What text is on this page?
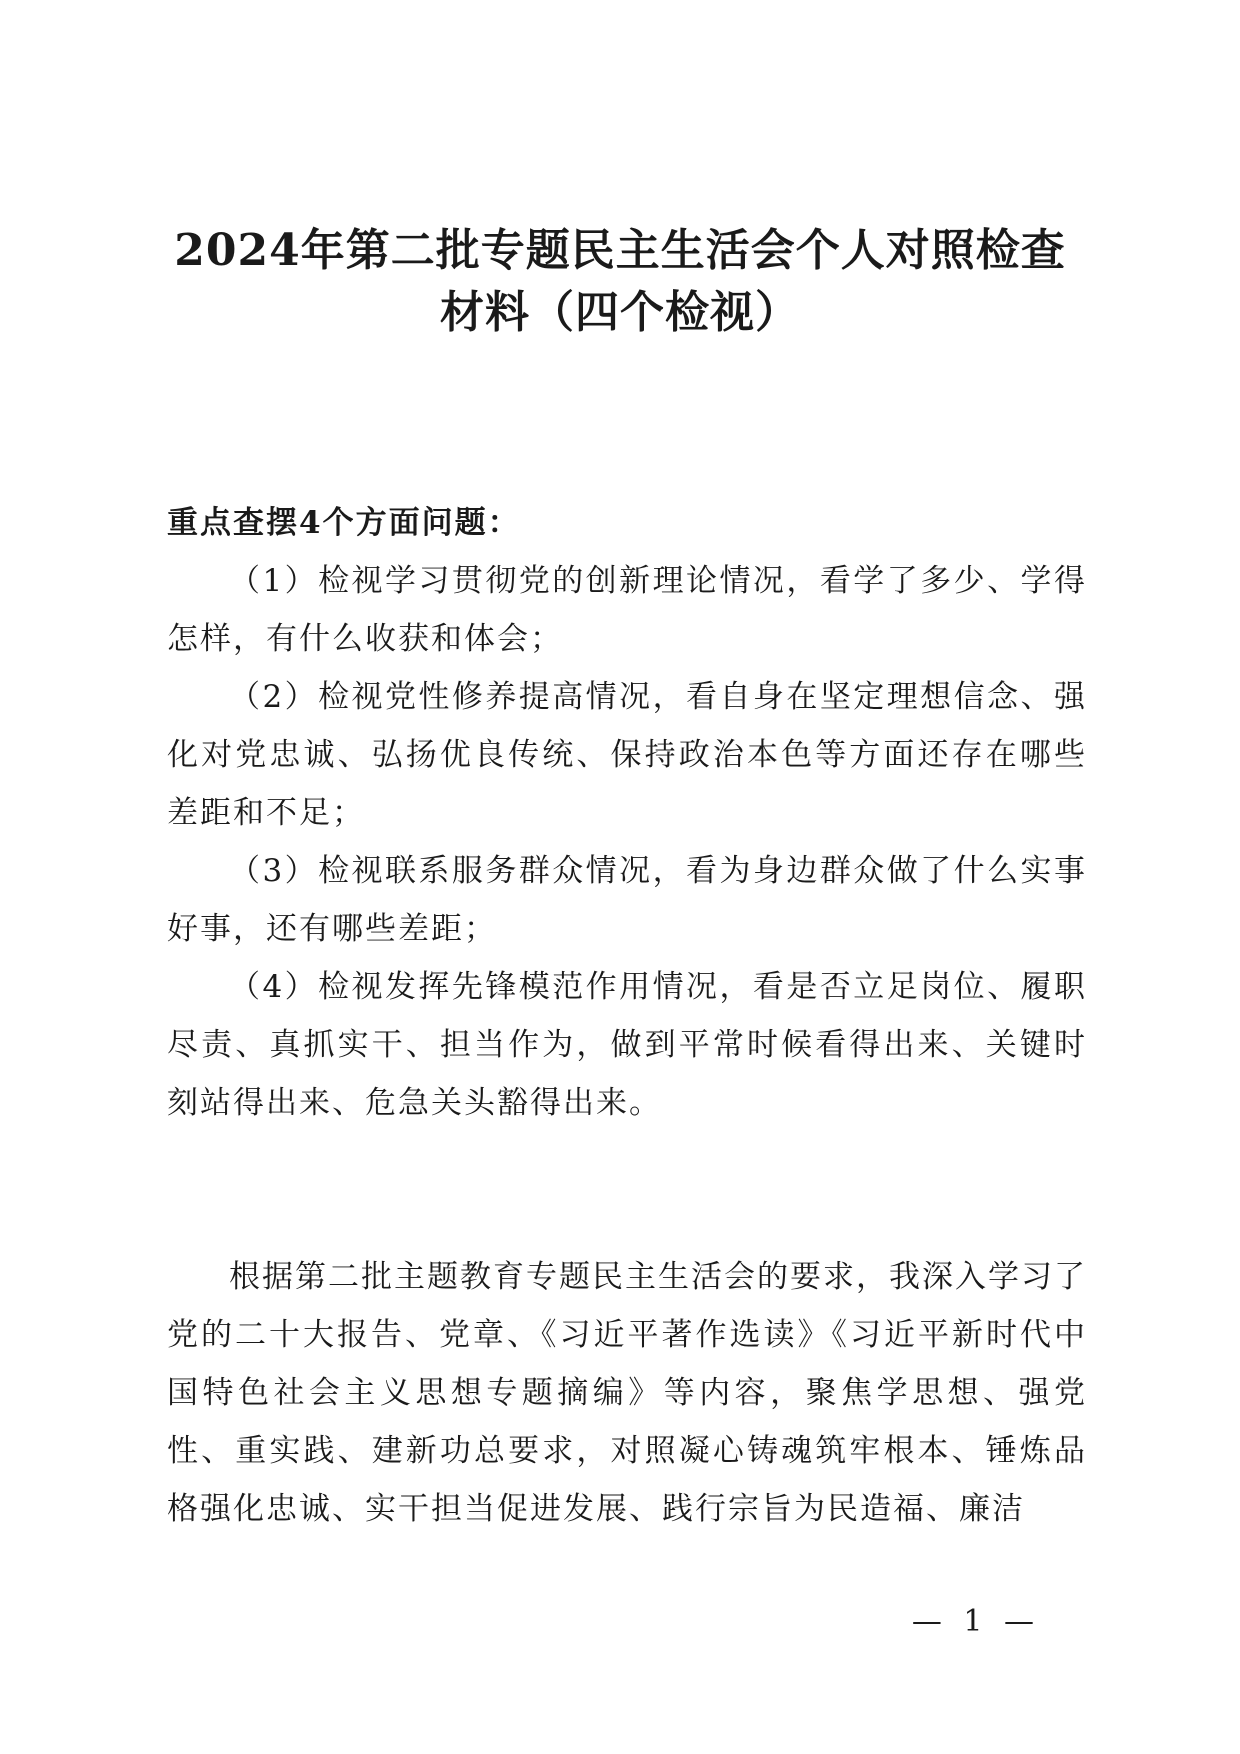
2024年第二批专题民主生活会个人对照检查
材料（四个检视）

重点查摆4个方面问题：

（1）检视学习贯彻党的创新理论情况，看学了多少、学得怎样，有什么收获和体会；

（2）检视党性修养提高情况，看自身在坚定理想信念、强化对党忠诚、弘扬优良传统、保持政治本色等方面还存在哪些差距和不足；

（3）检视联系服务群众情况，看为身边群众做了什么实事好事，还有哪些差距；

（4）检视发挥先锋模范作用情况，看是否立足岗位、履职尽责、真抓实干、担当作为，做到平常时候看得出来、关键时刻站得出来、危急关头豁得出来。

根据第二批主题教育专题民主生活会的要求，我深入学习了党的二十大报告、党章、《习近平著作选读》《习近平新时代中国特色社会主义思想专题摘编》等内容，聚焦学思想、强党性、重实践、建新功总要求，对照凝心铸魂筑牢根本、锤炼品格强化忠诚、实干担当促进发展、践行宗旨为民造福、廉洁

— 1 —
